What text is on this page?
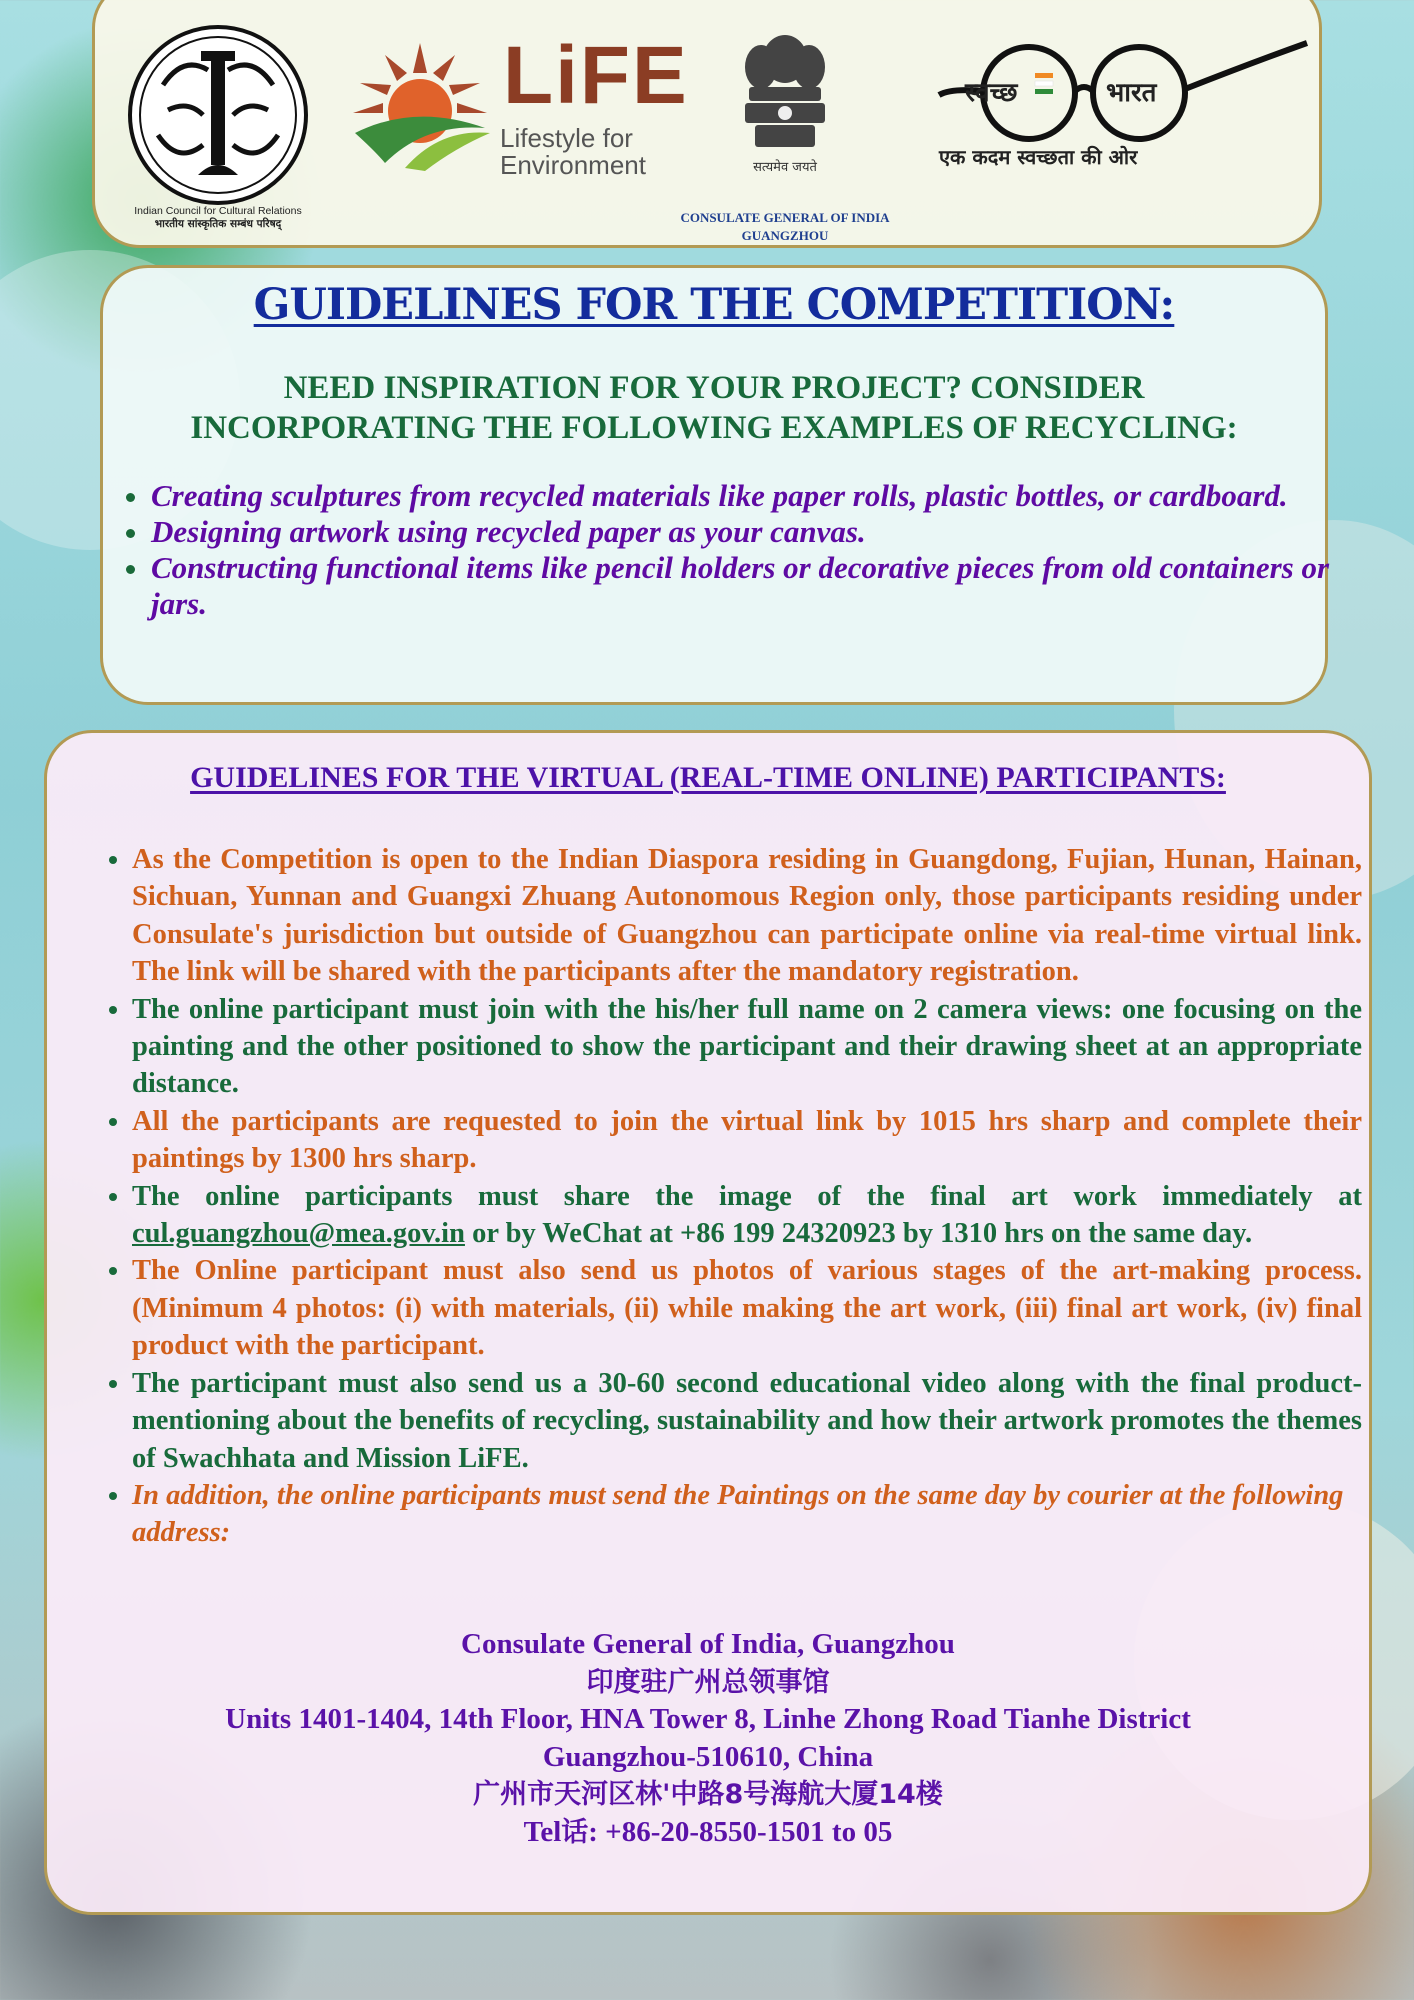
Indian Council for Cultural Relations
भारतीय सांस्कृतिक सम्बंध परिषद्
LiFE
Lifestyle for
Environment	सत्यमेव जयते
CONSULATE GENERAL OF INDIA
GUANGZHOU
स्वच्छ	भारत
एक कदम स्वच्छता की ओर
GUIDELINES FOR THE COMPETITION:
NEED INSPIRATION FOR YOUR PROJECT? CONSIDER
INCORPORATING THE FOLLOWING EXAMPLES OF RECYCLING:
• Creating sculptures from recycled materials like paper rolls, plastic bottles, or cardboard.
• Designing artwork using recycled paper as your canvas.
• Constructing functional items like pencil holders or decorative pieces from old containers or jars.
GUIDELINES FOR THE VIRTUAL (REAL-TIME ONLINE) PARTICIPANTS:
• As the Competition is open to the Indian Diaspora residing in Guangdong, Fujian, Hunan, Hainan, Sichuan, Yunnan and Guangxi Zhuang Autonomous Region only, those participants residing under Consulate's jurisdiction but outside of Guangzhou can participate online via real-time virtual link. The link will be shared with the participants after the mandatory registration.
• The online participant must join with the his/her full name on 2 camera views: one focusing on the painting and the other positioned to show the participant and their drawing sheet at an appropriate distance.
• All the participants are requested to join the virtual link by 1015 hrs sharp and complete their paintings by 1300 hrs sharp.
• The online participants must share the image of the final art work immediately at cul.guangzhou@mea.gov.in or by WeChat at +86 199 24320923 by 1310 hrs on the same day.
• The Online participant must also send us photos of various stages of the art-making process. (Minimum 4 photos: (i) with materials, (ii) while making the art work, (iii) final art work, (iv) final product with the participant.
• The participant must also send us a 30-60 second educational video along with the final product- mentioning about the benefits of recycling, sustainability and how their artwork promotes the themes of Swachhata and Mission LiFE.
• In addition, the online participants must send the Paintings on the same day by courier at the following address:
Consulate General of India, Guangzhou
印度驻广州总领事馆
Units 1401-1404, 14th Floor, HNA Tower 8, Linhe Zhong Road Tianhe District
Guangzhou-510610, China
广州市天河区林'中路8号海航大厦14楼
Tel话: +86-20-8550-1501 to 05
